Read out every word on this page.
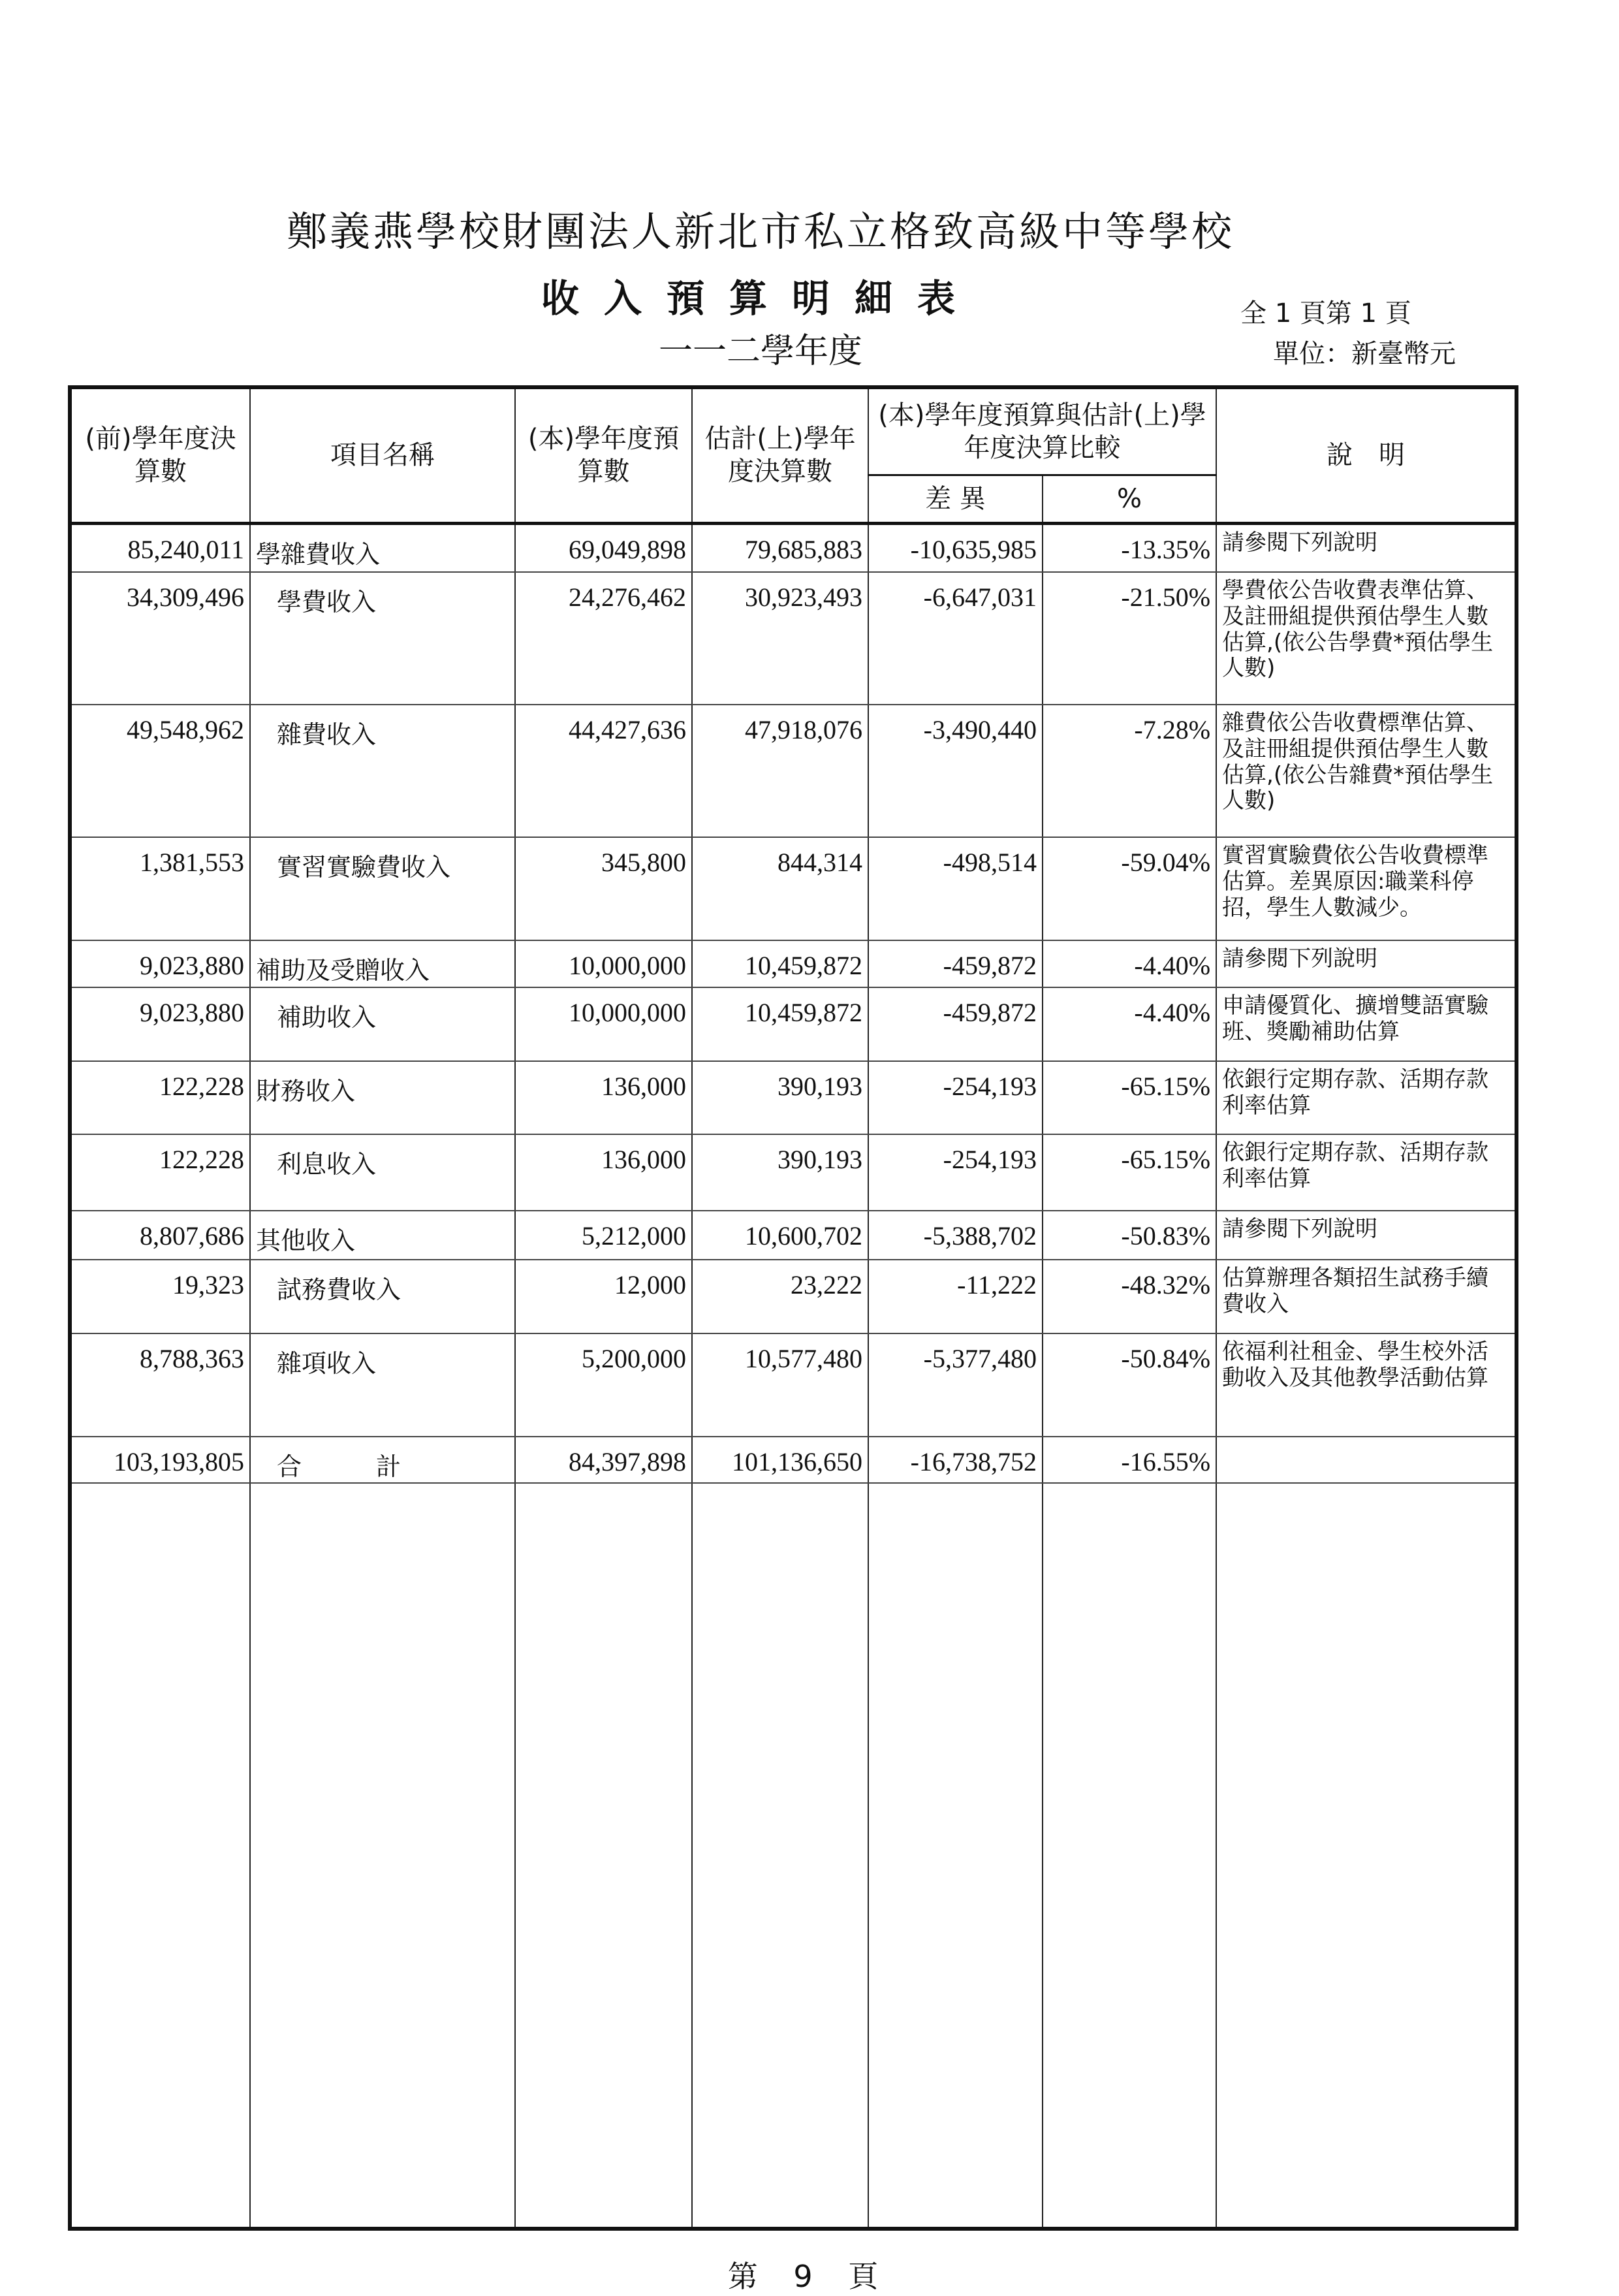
鄭義燕學校財團法人新北市私立格致高級中等學校
收入預算明細表
一一二學年度
全 1 頁第 1 頁
單位：新臺幣元
(前)學年度決算數	項目名稱	(本)學年度預算數	估計(上)學年度決算數	(本)學年度預算與估計(上)學年度決算比較		說　明
				差 異	%	
85,240,011	學雜費收入	69,049,898	79,685,883	-10,635,985	-13.35%	請參閱下列說明
34,309,496	學費收入	24,276,462	30,923,493	-6,647,031	-21.50%	學費依公告收費表準估算、及註冊組提供預估學生人數估算,(依公告學費*預估學生人數)
49,548,962	雜費收入	44,427,636	47,918,076	-3,490,440	-7.28%	雜費依公告收費標準估算、及註冊組提供預估學生人數估算,(依公告雜費*預估學生人數)
1,381,553	實習實驗費收入	345,800	844,314	-498,514	-59.04%	實習實驗費依公告收費標準估算。差異原因:職業科停招，學生人數減少。
9,023,880	補助及受贈收入	10,000,000	10,459,872	-459,872	-4.40%	請參閱下列說明
9,023,880	補助收入	10,000,000	10,459,872	-459,872	-4.40%	申請優質化、擴增雙語實驗班、獎勵補助估算
122,228	財務收入	136,000	390,193	-254,193	-65.15%	依銀行定期存款、活期存款利率估算
122,228	利息收入	136,000	390,193	-254,193	-65.15%	依銀行定期存款、活期存款利率估算
8,807,686	其他收入	5,212,000	10,600,702	-5,388,702	-50.83%	請參閱下列說明
19,323	試務費收入	12,000	23,222	-11,222	-48.32%	估算辦理各類招生試務手續費收入
8,788,363	雜項收入	5,200,000	10,577,480	-5,377,480	-50.84%	依福利社租金、學生校外活動收入及其他教學活動估算
103,193,805	合　　　計	84,397,898	101,136,650	-16,738,752	-16.55%	

第 9 頁
